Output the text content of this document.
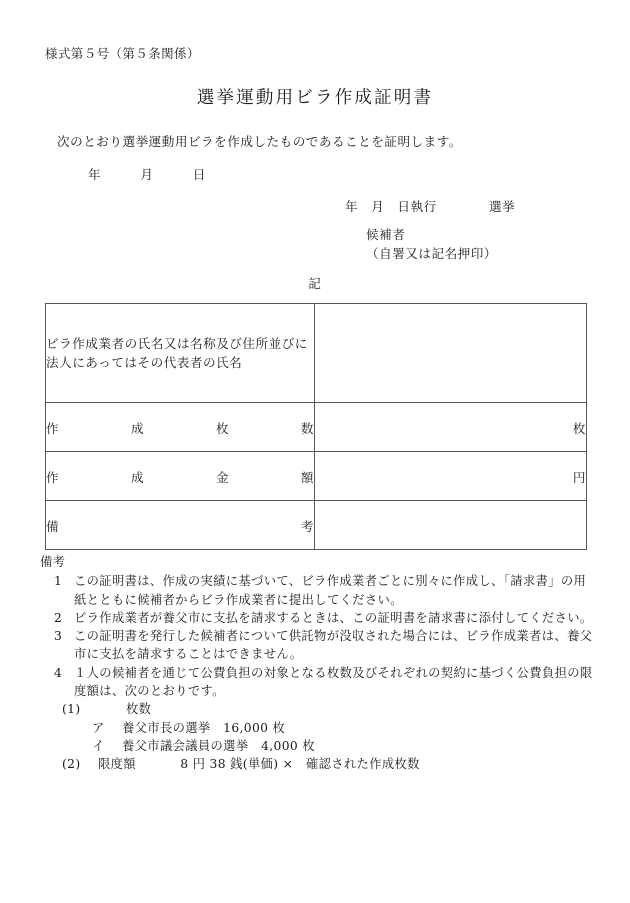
様式第５号（第５条関係）
選挙運動用ビラ作成証明書
次のとおり選挙運動用ビラを作成したものであることを証明します。
年　　　月　　　日
年　月　日執行　　　　選挙
候補者
（自署又は記名押印）
記
ビラ作成業者の氏名又は名称及び住所並びに
法人にあってはその代表者の氏名	

作成枚数	枚
作成金額	円
備考	
備考
1 この証明書は、作成の実績に基づいて、ビラ作成業者ごとに別々に作成し、「請求書」の用
紙とともに候補者からビラ作成業者に提出してください。
2 ビラ作成業者が養父市に支払を請求するときは、この証明書を請求書に添付してください。
3 この証明書を発行した候補者について供託物が没収された場合には、ビラ作成業者は、養父
市に支払を請求することはできません。
4 １人の候補者を通じて公費負担の対象となる枚数及びそれぞれの契約に基づく公費負担の限
度額は、次のとおりです。
(1)	枚数
ア 養父市長の選挙　16,000 枚
イ 養父市議会議員の選挙　4,000 枚
(2) 限度額	8 円 38 銭(単価) ×　確認された作成枚数
